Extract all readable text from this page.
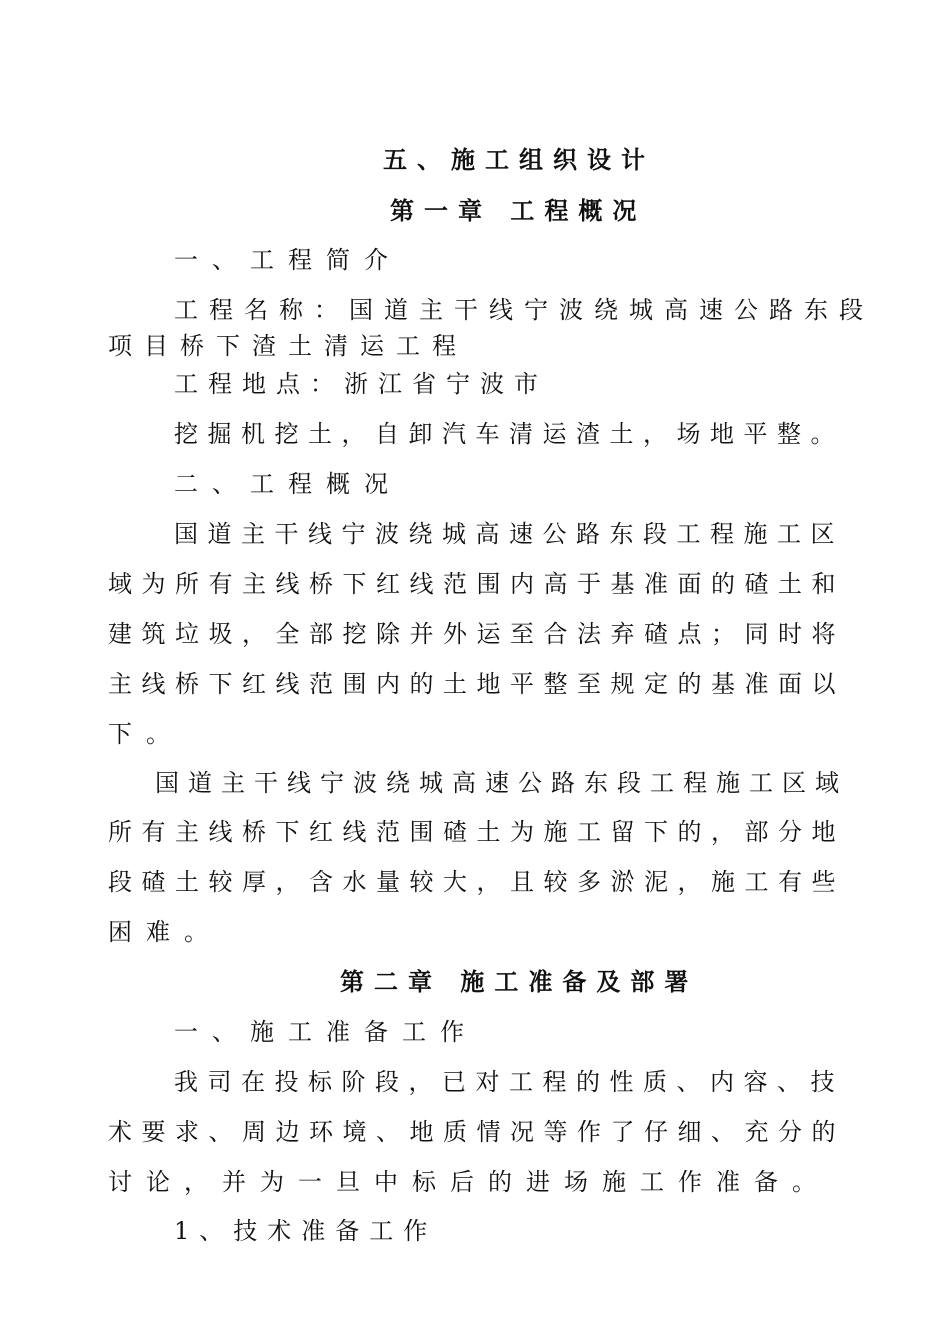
五、施工组织设计
第一章 工程概况
一、工程简介
工程名称：国道主干线宁波绕城高速公路东段
项目桥下渣土清运工程
工程地点：浙江省宁波市
挖掘机挖土，自卸汽车清运渣土，场地平整。
二、工程概况
国道主干线宁波绕城高速公路东段工程施工区
域为所有主线桥下红线范围内高于基准面的碴土和
建筑垃圾，全部挖除并外运至合法弃碴点；同时将
主线桥下红线范围内的土地平整至规定的基准面以
下。
国道主干线宁波绕城高速公路东段工程施工区域
所有主线桥下红线范围碴土为施工留下的，部分地
段碴土较厚，含水量较大，且较多淤泥，施工有些
困难。
第二章 施工准备及部署
一、施工准备工作
我司在投标阶段，已对工程的性质、内容、技
术要求、周边环境、地质情况等作了仔细、充分的
讨论，并为一旦中标后的进场施工作准备。
1、技术准备工作
